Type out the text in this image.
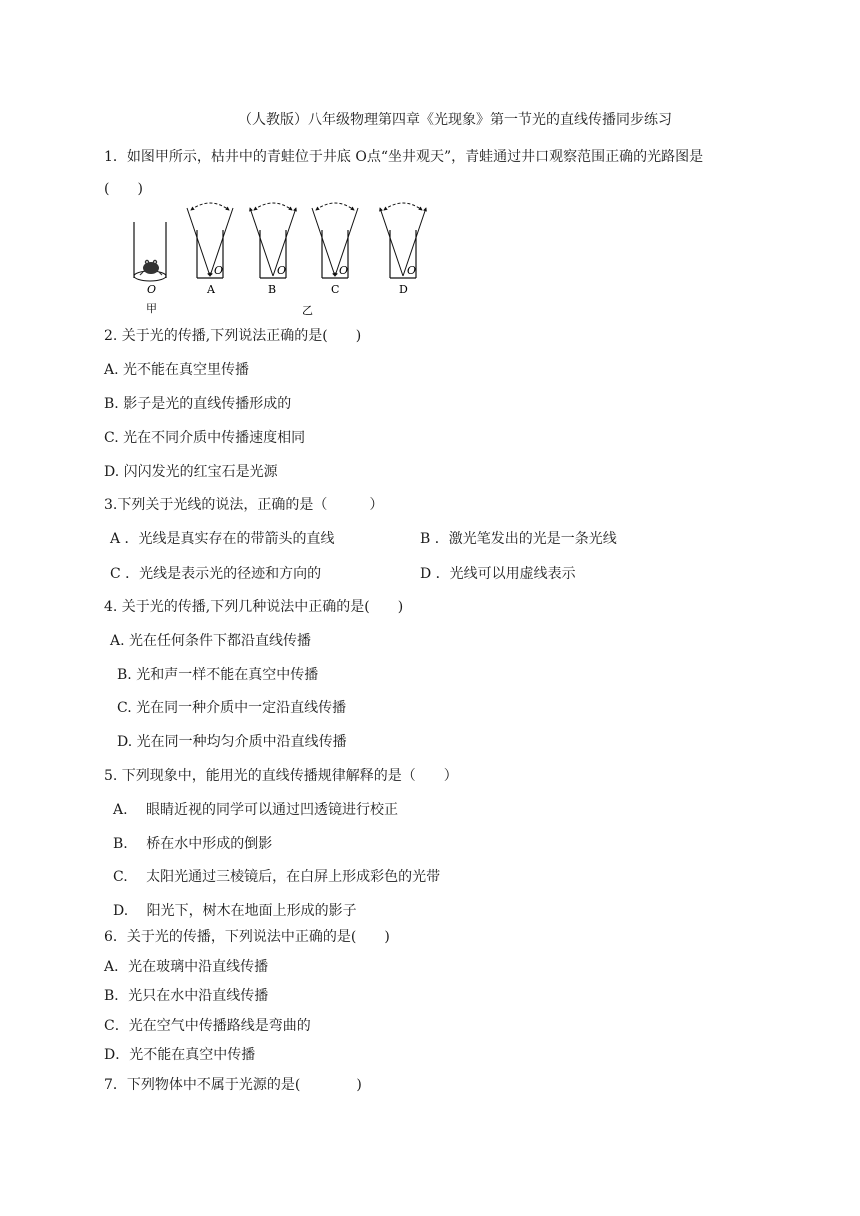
（人教版）八年级物理第四章《光现象》第一节光的直线传播同步练习
1．如图甲所示，枯井中的青蛙位于井底 O点“坐井观天”，青蛙通过井口观察范围正确的光路图是
(　　)
O
甲
O
A
O
B
O
C
O
D
乙
2. 关于光的传播,下列说法正确的是(　　)
A. 光不能在真空里传播
B. 影子是光的直线传播形成的
C. 光在不同介质中传播速度相同
D. 闪闪发光的红宝石是光源
3.下列关于光线的说法，正确的是（　　　）
A ．光线是真实存在的带箭头的直线	B ．激光笔发出的光是一条光线
C ．光线是表示光的径迹和方向的	D ．光线可以用虚线表示
4. 关于光的传播,下列几种说法中正确的是(　　)
A. 光在任何条件下都沿直线传播
B. 光和声一样不能在真空中传播
C. 光在同一种介质中一定沿直线传播
D. 光在同一种均匀介质中沿直线传播
5. 下列现象中，能用光的直线传播规律解释的是（　　）
A.　 眼睛近视的同学可以通过凹透镜进行校正
B.　 桥在水中形成的倒影
C.　 太阳光通过三棱镜后，在白屏上形成彩色的光带
D.　 阳光下，树木在地面上形成的影子
6．关于光的传播，下列说法中正确的是(　　)
A．光在玻璃中沿直线传播
B．光只在水中沿直线传播
C．光在空气中传播路线是弯曲的
D．光不能在真空中传播
7．下列物体中不属于光源的是(　　　　)
